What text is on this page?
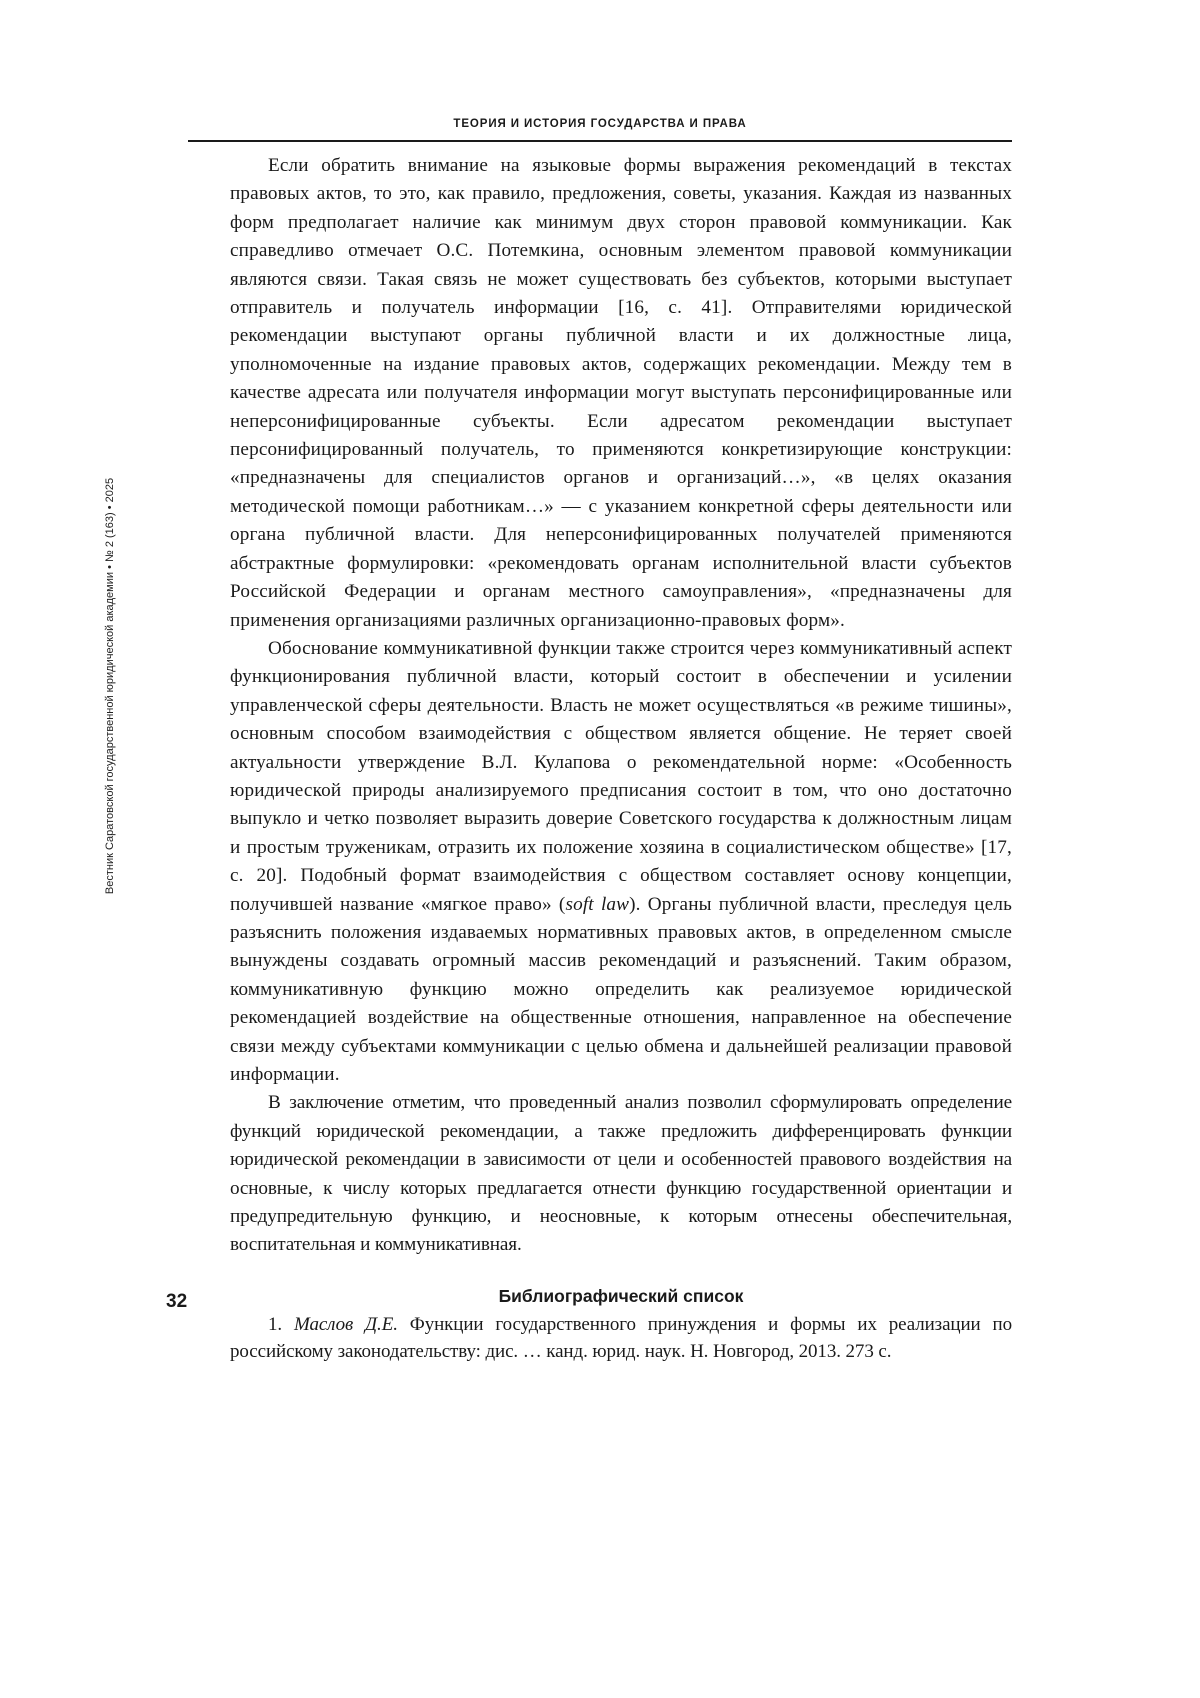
ТЕОРИЯ И ИСТОРИЯ ГОСУДАРСТВА И ПРАВА
Вестник Саратовской государственной юридической академии • № 2 (163) • 2025
32

Если обратить внимание на языковые формы выражения рекомендаций в текстах правовых актов, то это, как правило, предложения, советы, указания. Каждая из названных форм предполагает наличие как минимум двух сторон правовой коммуникации. Как справедливо отмечает О.С. Потемкина, основным элементом правовой коммуникации являются связи. Такая связь не может существовать без субъектов, которыми выступает отправитель и получатель информации [16, с. 41]. Отправителями юридической рекомендации выступают органы публичной власти и их должностные лица, уполномоченные на издание правовых актов, содержащих рекомендации. Между тем в качестве адресата или получателя информации могут выступать персонифицированные или неперсонифицированные субъекты. Если адресатом рекомендации выступает персонифицированный получатель, то применяются конкретизирующие конструкции: «предназначены для специалистов органов и организаций…», «в целях оказания методической помощи работникам…» — с указанием конкретной сферы деятельности или органа публичной власти. Для неперсонифицированных получателей применяются абстрактные формулировки: «рекомендовать органам исполнительной власти субъектов Российской Федерации и органам местного самоуправления», «предназначены для применения организациями различных организационно-правовых форм».

Обоснование коммуникативной функции также строится через коммуникативный аспект функционирования публичной власти, который состоит в обеспечении и усилении управленческой сферы деятельности. Власть не может осуществляться «в режиме тишины», основным способом взаимодействия с обществом является общение. Не теряет своей актуальности утверждение В.Л. Кулапова о рекомендательной норме: «Особенность юридической природы анализируемого предписания состоит в том, что оно достаточно выпукло и четко позволяет выразить доверие Советского государства к должностным лицам и простым труженикам, отразить их положение хозяина в социалистическом обществе» [17, с. 20]. Подобный формат взаимодействия с обществом составляет основу концепции, получившей название «мягкое право» (soft law). Органы публичной власти, преследуя цель разъяснить положения издаваемых нормативных правовых актов, в определенном смысле вынуждены создавать огромный массив рекомендаций и разъяснений. Таким образом, коммуникативную функцию можно определить как реализуемое юридической рекомендацией воздействие на общественные отношения, направленное на обеспечение связи между субъектами коммуникации с целью обмена и дальнейшей реализации правовой информации.

В заключение отметим, что проведенный анализ позволил сформулировать определение функций юридической рекомендации, а также предложить дифференцировать функции юридической рекомендации в зависимости от цели и особенностей правового воздействия на основные, к числу которых предлагается отнести функцию государственной ориентации и предупредительную функцию, и неосновные, к которым отнесены обеспечительная, воспитательная и коммуникативная.

Библиографический список

1. Маслов Д.Е. Функции государственного принуждения и формы их реализации по российскому законодательству: дис. … канд. юрид. наук. Н. Новгород, 2013. 273 с.
